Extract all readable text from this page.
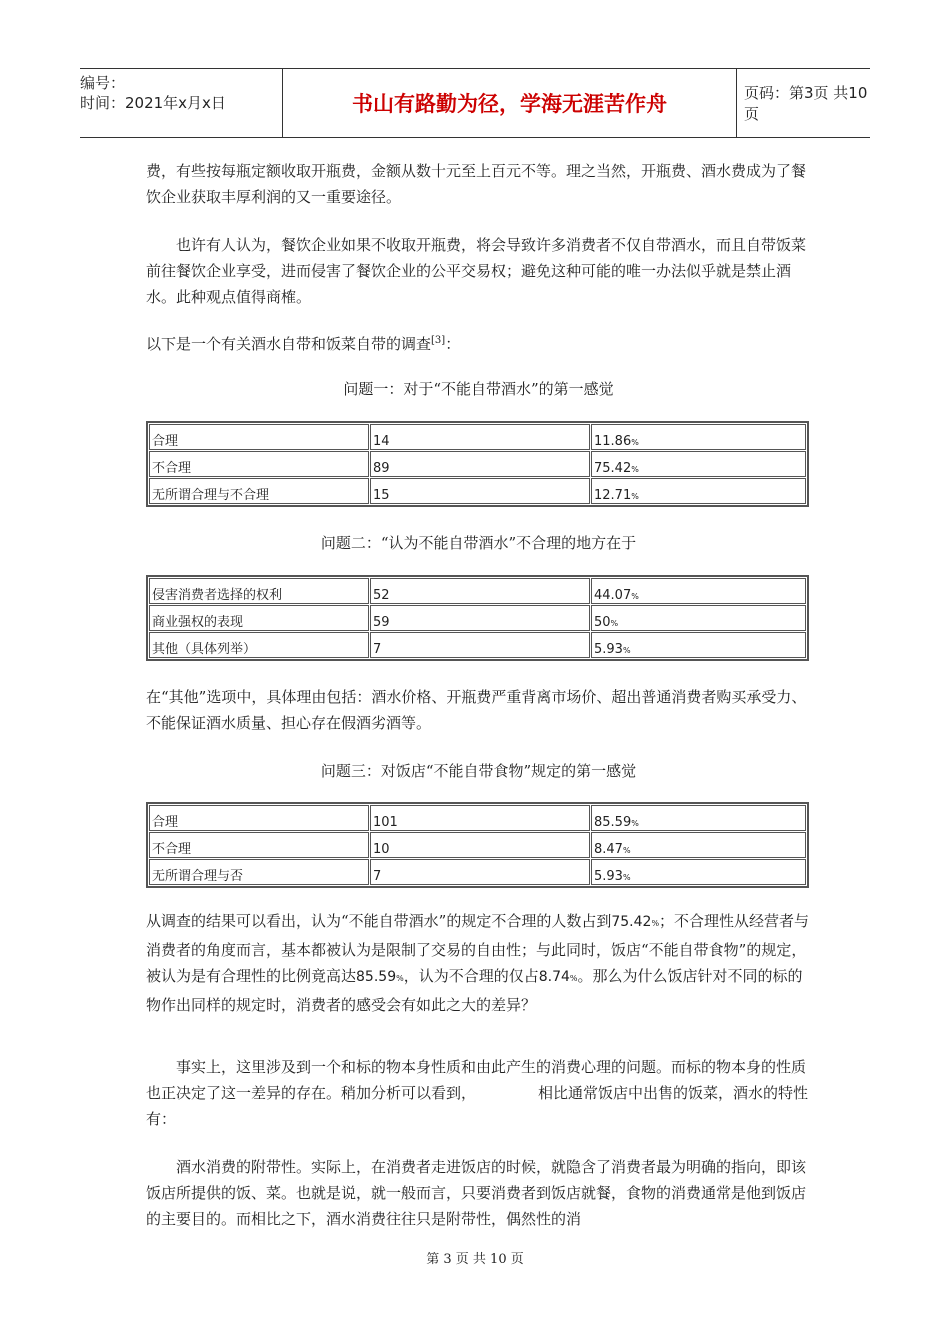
编号：
时间：2021年x月x日	书山有路勤为径，学海无涯苦作舟	页码：第3页 共10页

费，有些按每瓶定额收取开瓶费，金额从数十元至上百元不等。理之当然，开瓶费、酒水费成为了餐饮企业获取丰厚利润的又一重要途径。

也许有人认为，餐饮企业如果不收取开瓶费，将会导致许多消费者不仅自带酒水，而且自带饭菜前往餐饮企业享受，进而侵害了餐饮企业的公平交易权；避免这种可能的唯一办法似乎就是禁止酒水。此种观点值得商榷。

以下是一个有关酒水自带和饭菜自带的调查[3]：

问题一：对于“不能自带酒水”的第一感觉
合理	14	11.86%
不合理	89	75.42%
无所谓合理与不合理	15	12.71%
问题二：“认为不能自带酒水”不合理的地方在于
侵害消费者选择的权利	52	44.07%
商业强权的表现	59	50%
其他（具体列举）	7	5.93%

在“其他”选项中，具体理由包括：酒水价格、开瓶费严重背离市场价、超出普通消费者购买承受力、不能保证酒水质量、担心存在假酒劣酒等。

问题三：对饭店“不能自带食物”规定的第一感觉
合理	101	85.59%
不合理	10	8.47%
无所谓合理与否	7	5.93%

从调查的结果可以看出，认为“不能自带酒水”的规定不合理的人数占到75.42%；不合理性从经营者与消费者的角度而言，基本都被认为是限制了交易的自由性；与此同时，饭店“不能自带食物”的规定，被认为是有合理性的比例竟高达85.59%，认为不合理的仅占8.74%。那么为什么饭店针对不同的标的物作出同样的规定时，消费者的感受会有如此之大的差异？

事实上，这里涉及到一个和标的物本身性质和由此产生的消费心理的问题。而标的物本身的性质也正决定了这一差异的存在。稍加分析可以看到，	相比通常饭店中出售的饭菜，酒水的特性有：

酒水消费的附带性。实际上，在消费者走进饭店的时候，就隐含了消费者最为明确的指向，即该饭店所提供的饭、菜。也就是说，就一般而言，只要消费者到饭店就餐，食物的消费通常是他到饭店的主要目的。而相比之下，酒水消费往往只是附带性，偶然性的消

第 3 页 共 10 页
